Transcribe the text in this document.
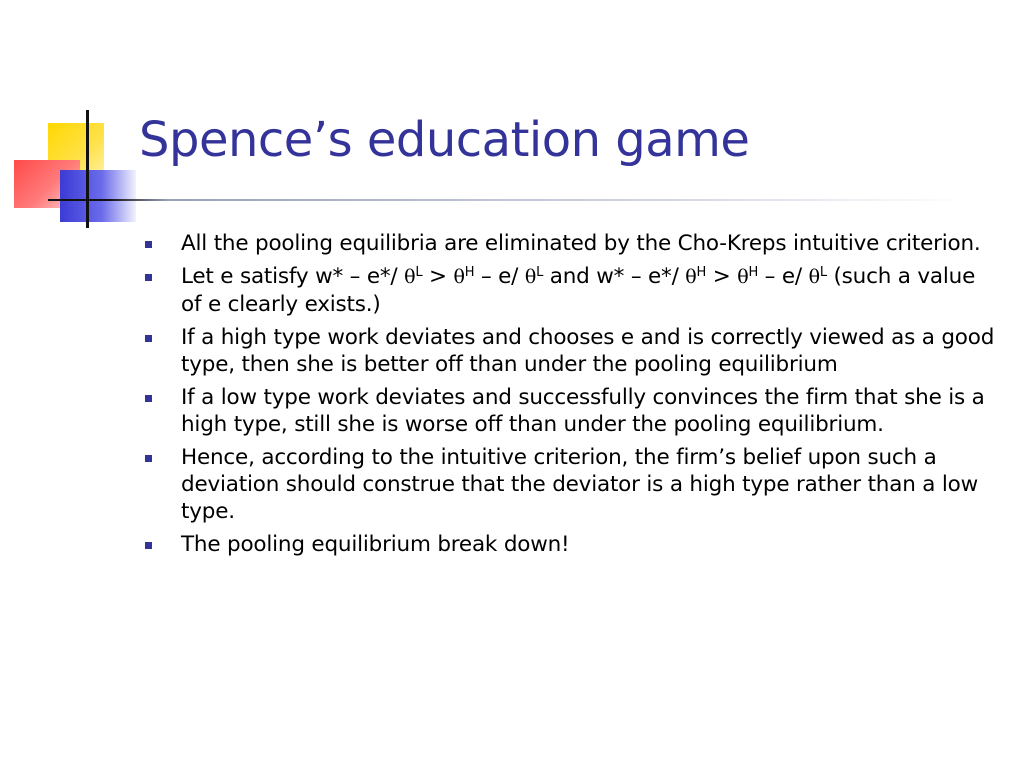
Spence’s education game
All the pooling equilibria are eliminated by the Cho-Kreps intuitive criterion.
Let e satisfy w* – e*/ $\theta^L > \theta^H - e/$ $\theta^L$ and w* – e*/ $\theta^H > \theta^H - e/$ $\theta^L$ (such a value of e clearly exists.)
If a high type work deviates and chooses e and is correctly viewed as a good type, then she is better off than under the pooling equilibrium
If a low type work deviates and successfully convinces the firm that she is a high type, still she is worse off than under the pooling equilibrium.
Hence, according to the intuitive criterion, the firm’s belief upon such a deviation should construe that the deviator is a high type rather than a low type.
The pooling equilibrium break down!
